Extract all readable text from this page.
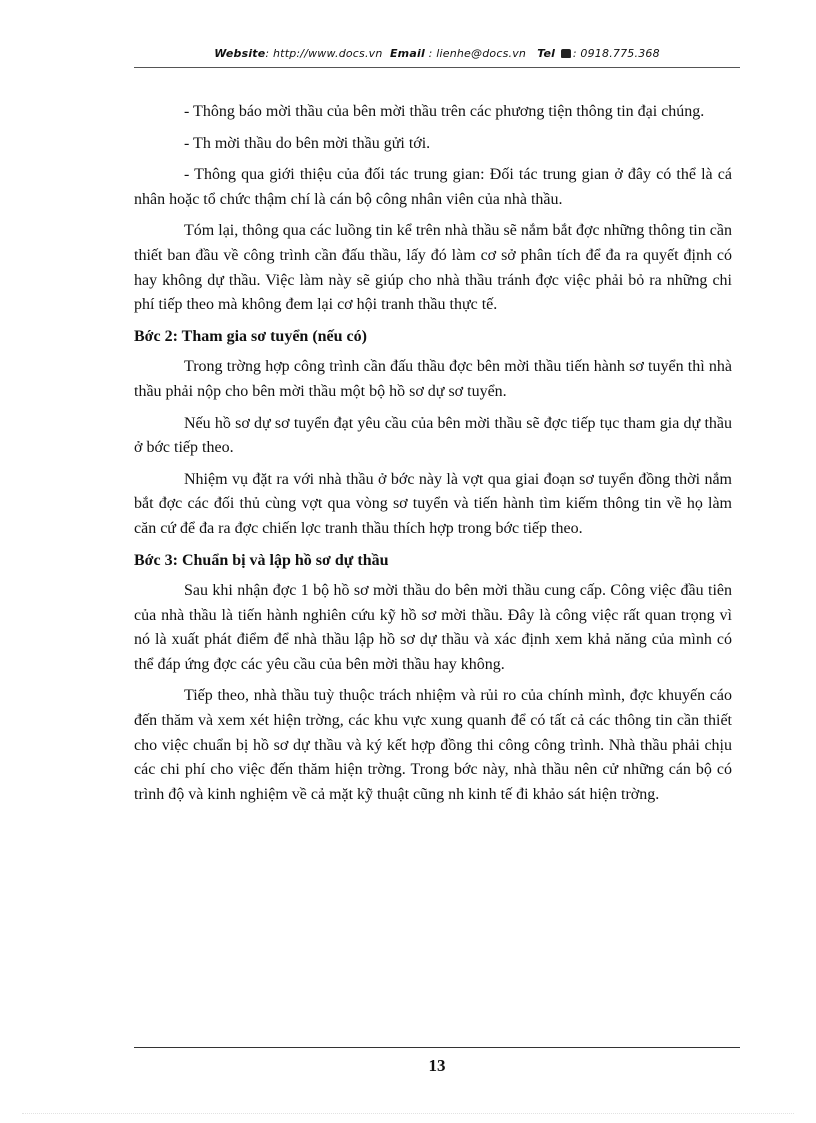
Website: http://www.docs.vn Email : lienhe@docs.vn Tel : 0918.775.368

- Thông báo mời thầu của bên mời thầu trên các phương tiện thông tin đại chúng.

- Th mời thầu do bên mời thầu gửi tới.

- Thông qua giới thiệu của đối tác trung gian: Đối tác trung gian ở đây có thể là cá nhân hoặc tổ chức thậm chí là cán bộ công nhân viên của nhà thầu.

Tóm lại, thông qua các luồng tin kể trên nhà thầu sẽ nắm bắt đợc những thông tin cần thiết ban đầu về công trình cần đấu thầu, lấy đó làm cơ sở phân tích để đa ra quyết định có hay không dự thầu. Việc làm này sẽ giúp cho nhà thầu tránh đợc việc phải bỏ ra những chi phí tiếp theo mà không đem lại cơ hội tranh thầu thực tế.

Bớc 2: Tham gia sơ tuyển (nếu có)

Trong trờng hợp công trình cần đấu thầu đợc bên mời thầu tiến hành sơ tuyển thì nhà thầu phải nộp cho bên mời thầu một bộ hồ sơ dự sơ tuyển.

Nếu hồ sơ dự sơ tuyển đạt yêu cầu của bên mời thầu sẽ đợc tiếp tục tham gia dự thầu ở bớc tiếp theo.

Nhiệm vụ đặt ra với nhà thầu ở bớc này là vợt qua giai đoạn sơ tuyển đồng thời nắm bắt đợc các đối thủ cùng vợt qua vòng sơ tuyển và tiến hành tìm kiếm thông tin về họ làm căn cứ để đa ra đợc chiến lợc tranh thầu thích hợp trong bớc tiếp theo.

Bớc 3: Chuẩn bị và lập hồ sơ dự thầu

Sau khi nhận đợc 1 bộ hồ sơ mời thầu do bên mời thầu cung cấp. Công việc đầu tiên của nhà thầu là tiến hành nghiên cứu kỹ hồ sơ mời thầu. Đây là công việc rất quan trọng vì nó là xuất phát điểm để nhà thầu lập hồ sơ dự thầu và xác định xem khả năng của mình có thể đáp ứng đợc các yêu cầu của bên mời thầu hay không.

Tiếp theo, nhà thầu tuỳ thuộc trách nhiệm và rủi ro của chính mình, đợc khuyến cáo đến thăm và xem xét hiện trờng, các khu vực xung quanh để có tất cả các thông tin cần thiết cho việc chuẩn bị hồ sơ dự thầu và ký kết hợp đồng thi công công trình. Nhà thầu phải chịu các chi phí cho việc đến thăm hiện trờng. Trong bớc này, nhà thầu nên cử những cán bộ có trình độ và kinh nghiệm về cả mặt kỹ thuật cũng nh kinh tế đi khảo sát hiện trờng.

13
